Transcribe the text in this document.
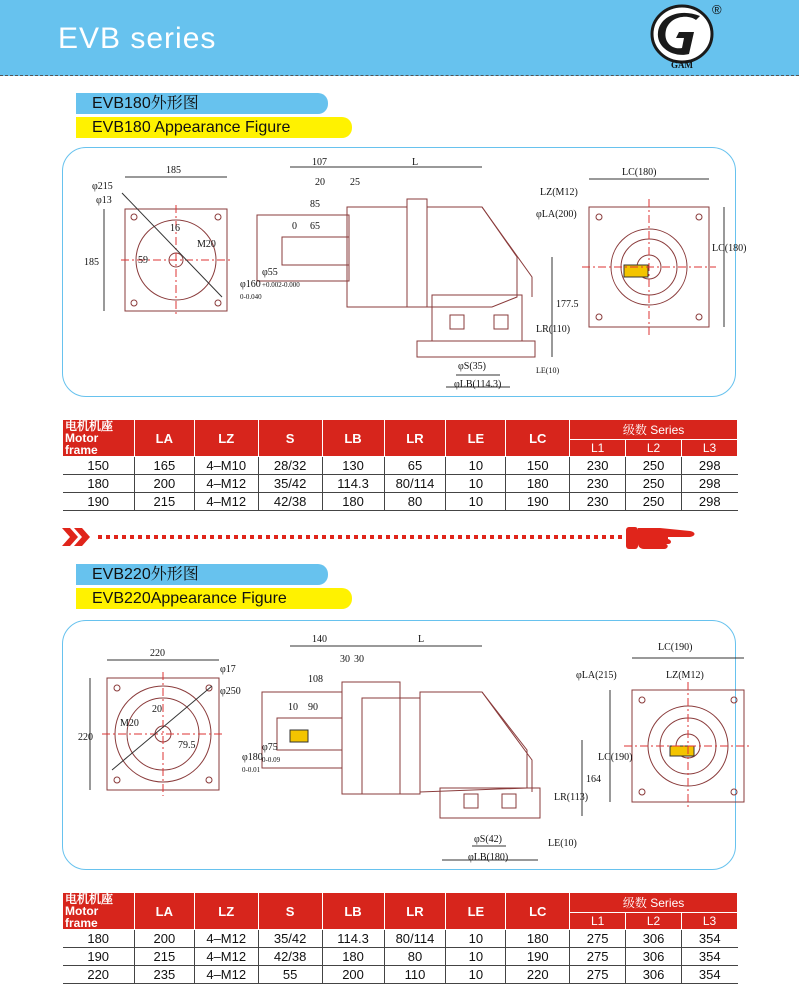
EVB series
GAM
®
EVB180外形图
EVB180 Appearance Figure
185
φ215
φ13
185
M20
16
59
107	L
20	25
85
0 65
φ160
0-0.040
φ55
+0.002-0.000
177.5
LR(110)
φS(35)
φLB(114.3)
LE(10)
LC(180)
LZ(M12)
φLA(200)
LC(180)
电机机座
Motor frame	LA	LZ	S	LB	LR	LE	LC	级数 Series		
								L1	L2	L3
150	165	4–M10	28/32	130	65	10	150	230	250	298
180	200	4–M12	35/42	114.3	80/114	10	180	230	250	298
190	215	4–M12	42/38	180	80	10	190	230	250	298
EVB220外形图
EVB220Appearance Figure
220
220
φ17
φ250
M20
20
79.5
140	L
30 30
108
10 90
φ180
0-0.01
φ75
0-0.09
164
LR(113)
φS(42)
φLB(180)
LE(10)
LC(190)
φLA(215)	LZ(M12)
LC(190)
电机机座
Motor frame	LA	LZ	S	LB	LR	LE	LC	级数 Series		
								L1	L2	L3
180	200	4–M12	35/42	114.3	80/114	10	180	275	306	354
190	215	4–M12	42/38	180	80	10	190	275	306	354
220	235	4–M12	55	200	110	10	220	275	306	354
